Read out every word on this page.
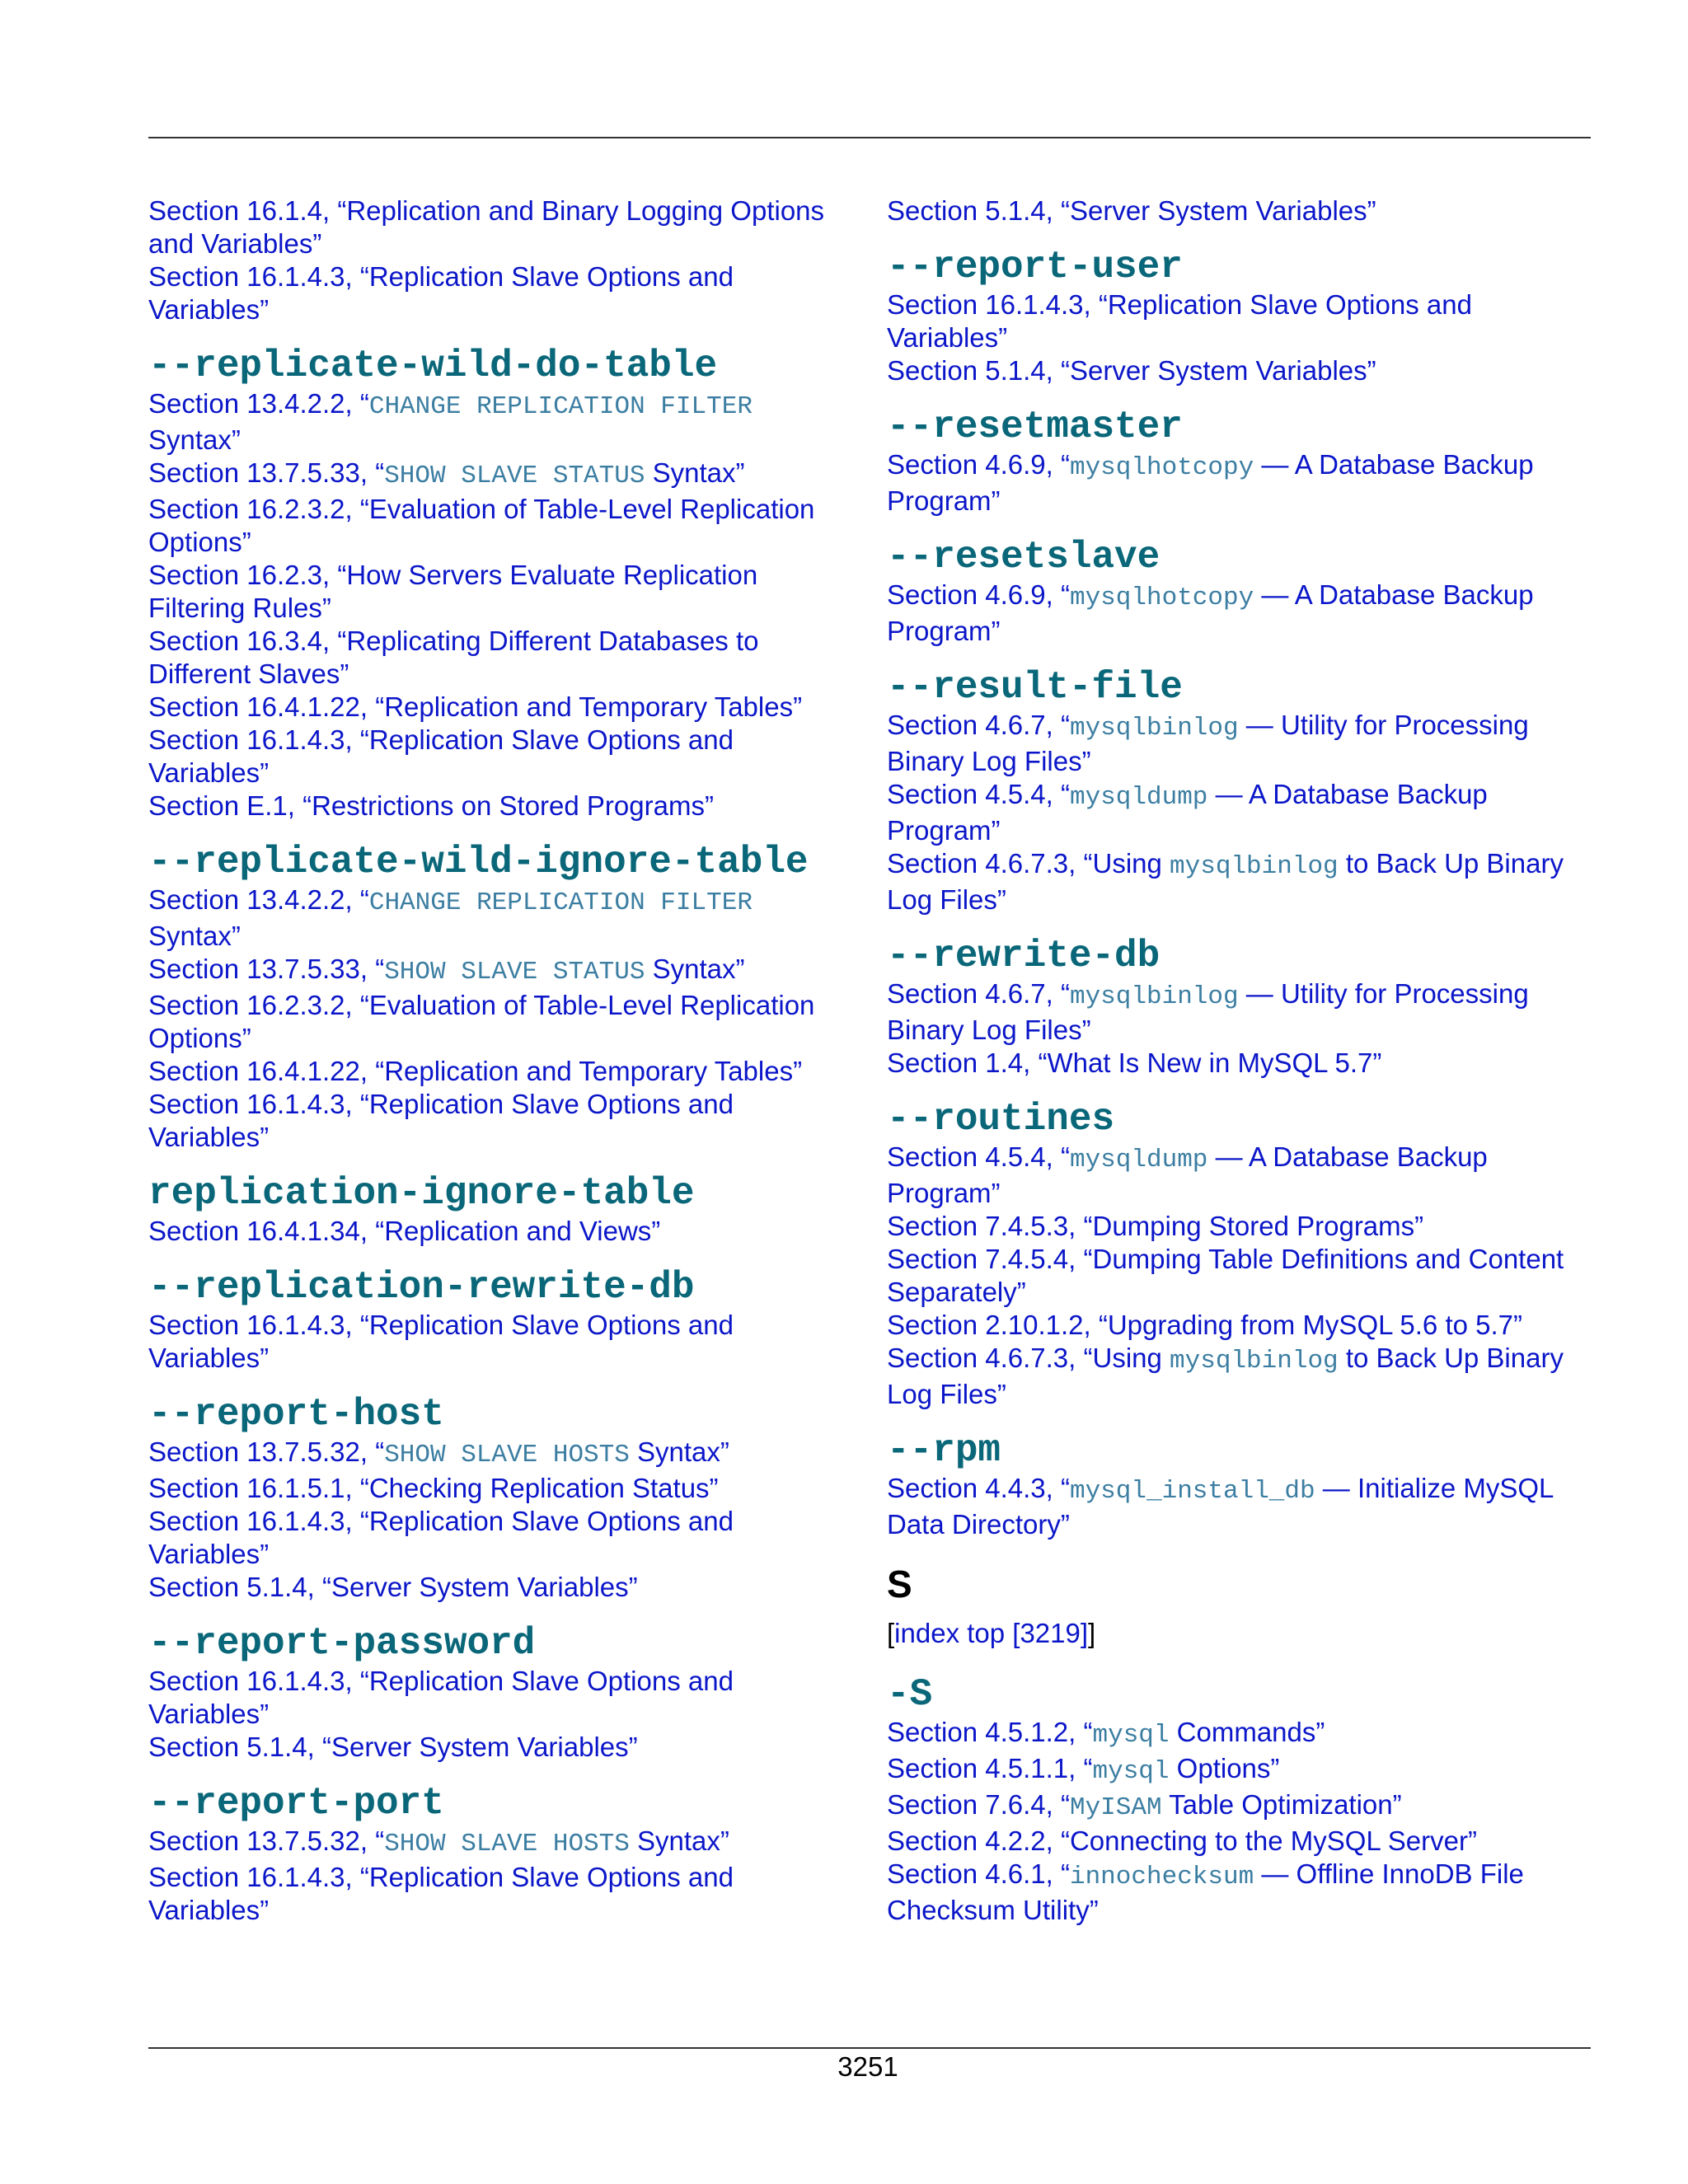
Section 16.1.4, “Replication and Binary Logging Options
and Variables”
Section 16.1.4.3, “Replication Slave Options and
Variables”
--replicate-wild-do-table
Section 13.4.2.2, “CHANGE REPLICATION FILTER
Syntax”
Section 13.7.5.33, “SHOW SLAVE STATUS Syntax”
Section 16.2.3.2, “Evaluation of Table-Level Replication
Options”
Section 16.2.3, “How Servers Evaluate Replication
Filtering Rules”
Section 16.3.4, “Replicating Different Databases to
Different Slaves”
Section 16.4.1.22, “Replication and Temporary Tables”
Section 16.1.4.3, “Replication Slave Options and
Variables”
Section E.1, “Restrictions on Stored Programs”
--replicate-wild-ignore-table
Section 13.4.2.2, “CHANGE REPLICATION FILTER
Syntax”
Section 13.7.5.33, “SHOW SLAVE STATUS Syntax”
Section 16.2.3.2, “Evaluation of Table-Level Replication
Options”
Section 16.4.1.22, “Replication and Temporary Tables”
Section 16.1.4.3, “Replication Slave Options and
Variables”
replication-ignore-table
Section 16.4.1.34, “Replication and Views”
--replication-rewrite-db
Section 16.1.4.3, “Replication Slave Options and
Variables”
--report-host
Section 13.7.5.32, “SHOW SLAVE HOSTS Syntax”
Section 16.1.5.1, “Checking Replication Status”
Section 16.1.4.3, “Replication Slave Options and
Variables”
Section 5.1.4, “Server System Variables”
--report-password
Section 16.1.4.3, “Replication Slave Options and
Variables”
Section 5.1.4, “Server System Variables”
--report-port
Section 13.7.5.32, “SHOW SLAVE HOSTS Syntax”
Section 16.1.4.3, “Replication Slave Options and
Variables”
Section 5.1.4, “Server System Variables”
--report-user
Section 16.1.4.3, “Replication Slave Options and
Variables”
Section 5.1.4, “Server System Variables”
--resetmaster
Section 4.6.9, “mysqlhotcopy — A Database Backup
Program”
--resetslave
Section 4.6.9, “mysqlhotcopy — A Database Backup
Program”
--result-file
Section 4.6.7, “mysqlbinlog — Utility for Processing
Binary Log Files”
Section 4.5.4, “mysqldump — A Database Backup
Program”
Section 4.6.7.3, “Using mysqlbinlog to Back Up Binary
Log Files”
--rewrite-db
Section 4.6.7, “mysqlbinlog — Utility for Processing
Binary Log Files”
Section 1.4, “What Is New in MySQL 5.7”
--routines
Section 4.5.4, “mysqldump — A Database Backup
Program”
Section 7.4.5.3, “Dumping Stored Programs”
Section 7.4.5.4, “Dumping Table Definitions and Content
Separately”
Section 2.10.1.2, “Upgrading from MySQL 5.6 to 5.7”
Section 4.6.7.3, “Using mysqlbinlog to Back Up Binary
Log Files”
--rpm
Section 4.4.3, “mysql_install_db — Initialize MySQL
Data Directory”
S
[index top [3219]]
-S
Section 4.5.1.2, “mysql Commands”
Section 4.5.1.1, “mysql Options”
Section 7.6.4, “MyISAM Table Optimization”
Section 4.2.2, “Connecting to the MySQL Server”
Section 4.6.1, “innochecksum — Offline InnoDB File
Checksum Utility”
3251
